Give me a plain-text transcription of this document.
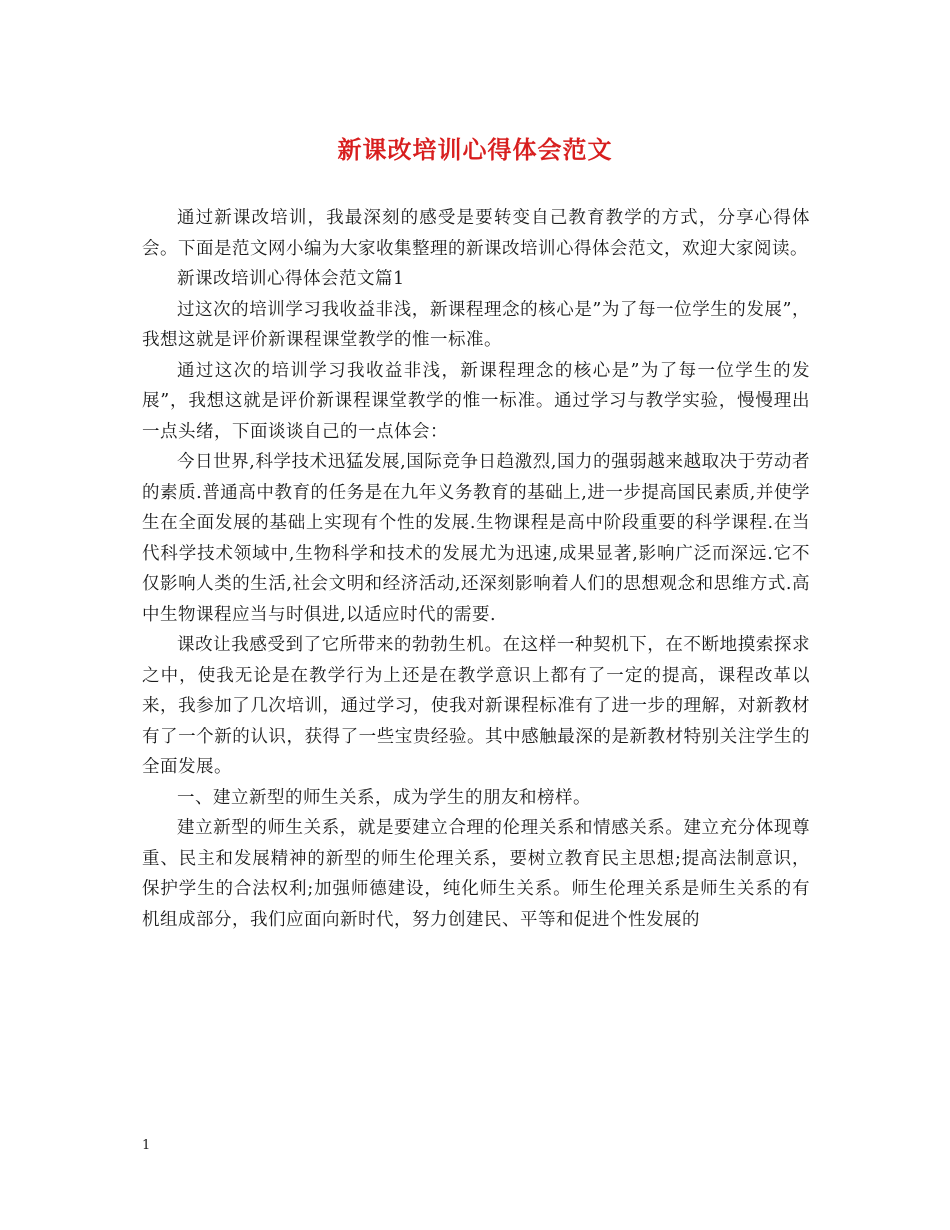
新课改培训心得体会范文

通过新课改培训，我最深刻的感受是要转变自己教育教学的方式，分享心得体会。下面是范文网小编为大家收集整理的新课改培训心得体会范文，欢迎大家阅读。

新课改培训心得体会范文篇1

过这次的培训学习我收益非浅，新课程理念的核心是”为了每一位学生的发展”，我想这就是评价新课程课堂教学的惟一标准。

通过这次的培训学习我收益非浅，新课程理念的核心是”为了每一位学生的发展”，我想这就是评价新课程课堂教学的惟一标准。通过学习与教学实验，慢慢理出一点头绪，下面谈谈自己的一点体会：

今日世界,科学技术迅猛发展,国际竞争日趋激烈,国力的强弱越来越取决于劳动者的素质.普通高中教育的任务是在九年义务教育的基础上,进一步提高国民素质,并使学生在全面发展的基础上实现有个性的发展.生物课程是高中阶段重要的科学课程.在当代科学技术领域中,生物科学和技术的发展尤为迅速,成果显著,影响广泛而深远.它不仅影响人类的生活,社会文明和经济活动,还深刻影响着人们的思想观念和思维方式.高中生物课程应当与时俱进,以适应时代的需要.

课改让我感受到了它所带来的勃勃生机。在这样一种契机下，在不断地摸索探求之中，使我无论是在教学行为上还是在教学意识上都有了一定的提高，课程改革以来，我参加了几次培训，通过学习，使我对新课程标准有了进一步的理解，对新教材有了一个新的认识，获得了一些宝贵经验。其中感触最深的是新教材特别关注学生的全面发展。

一、建立新型的师生关系，成为学生的朋友和榜样。

建立新型的师生关系，就是要建立合理的伦理关系和情感关系。建立充分体现尊重、民主和发展精神的新型的师生伦理关系，要树立教育民主思想;提高法制意识，保护学生的合法权利;加强师德建设，纯化师生关系。师生伦理关系是师生关系的有机组成部分，我们应面向新时代，努力创建民、平等和促进个性发展的

1
